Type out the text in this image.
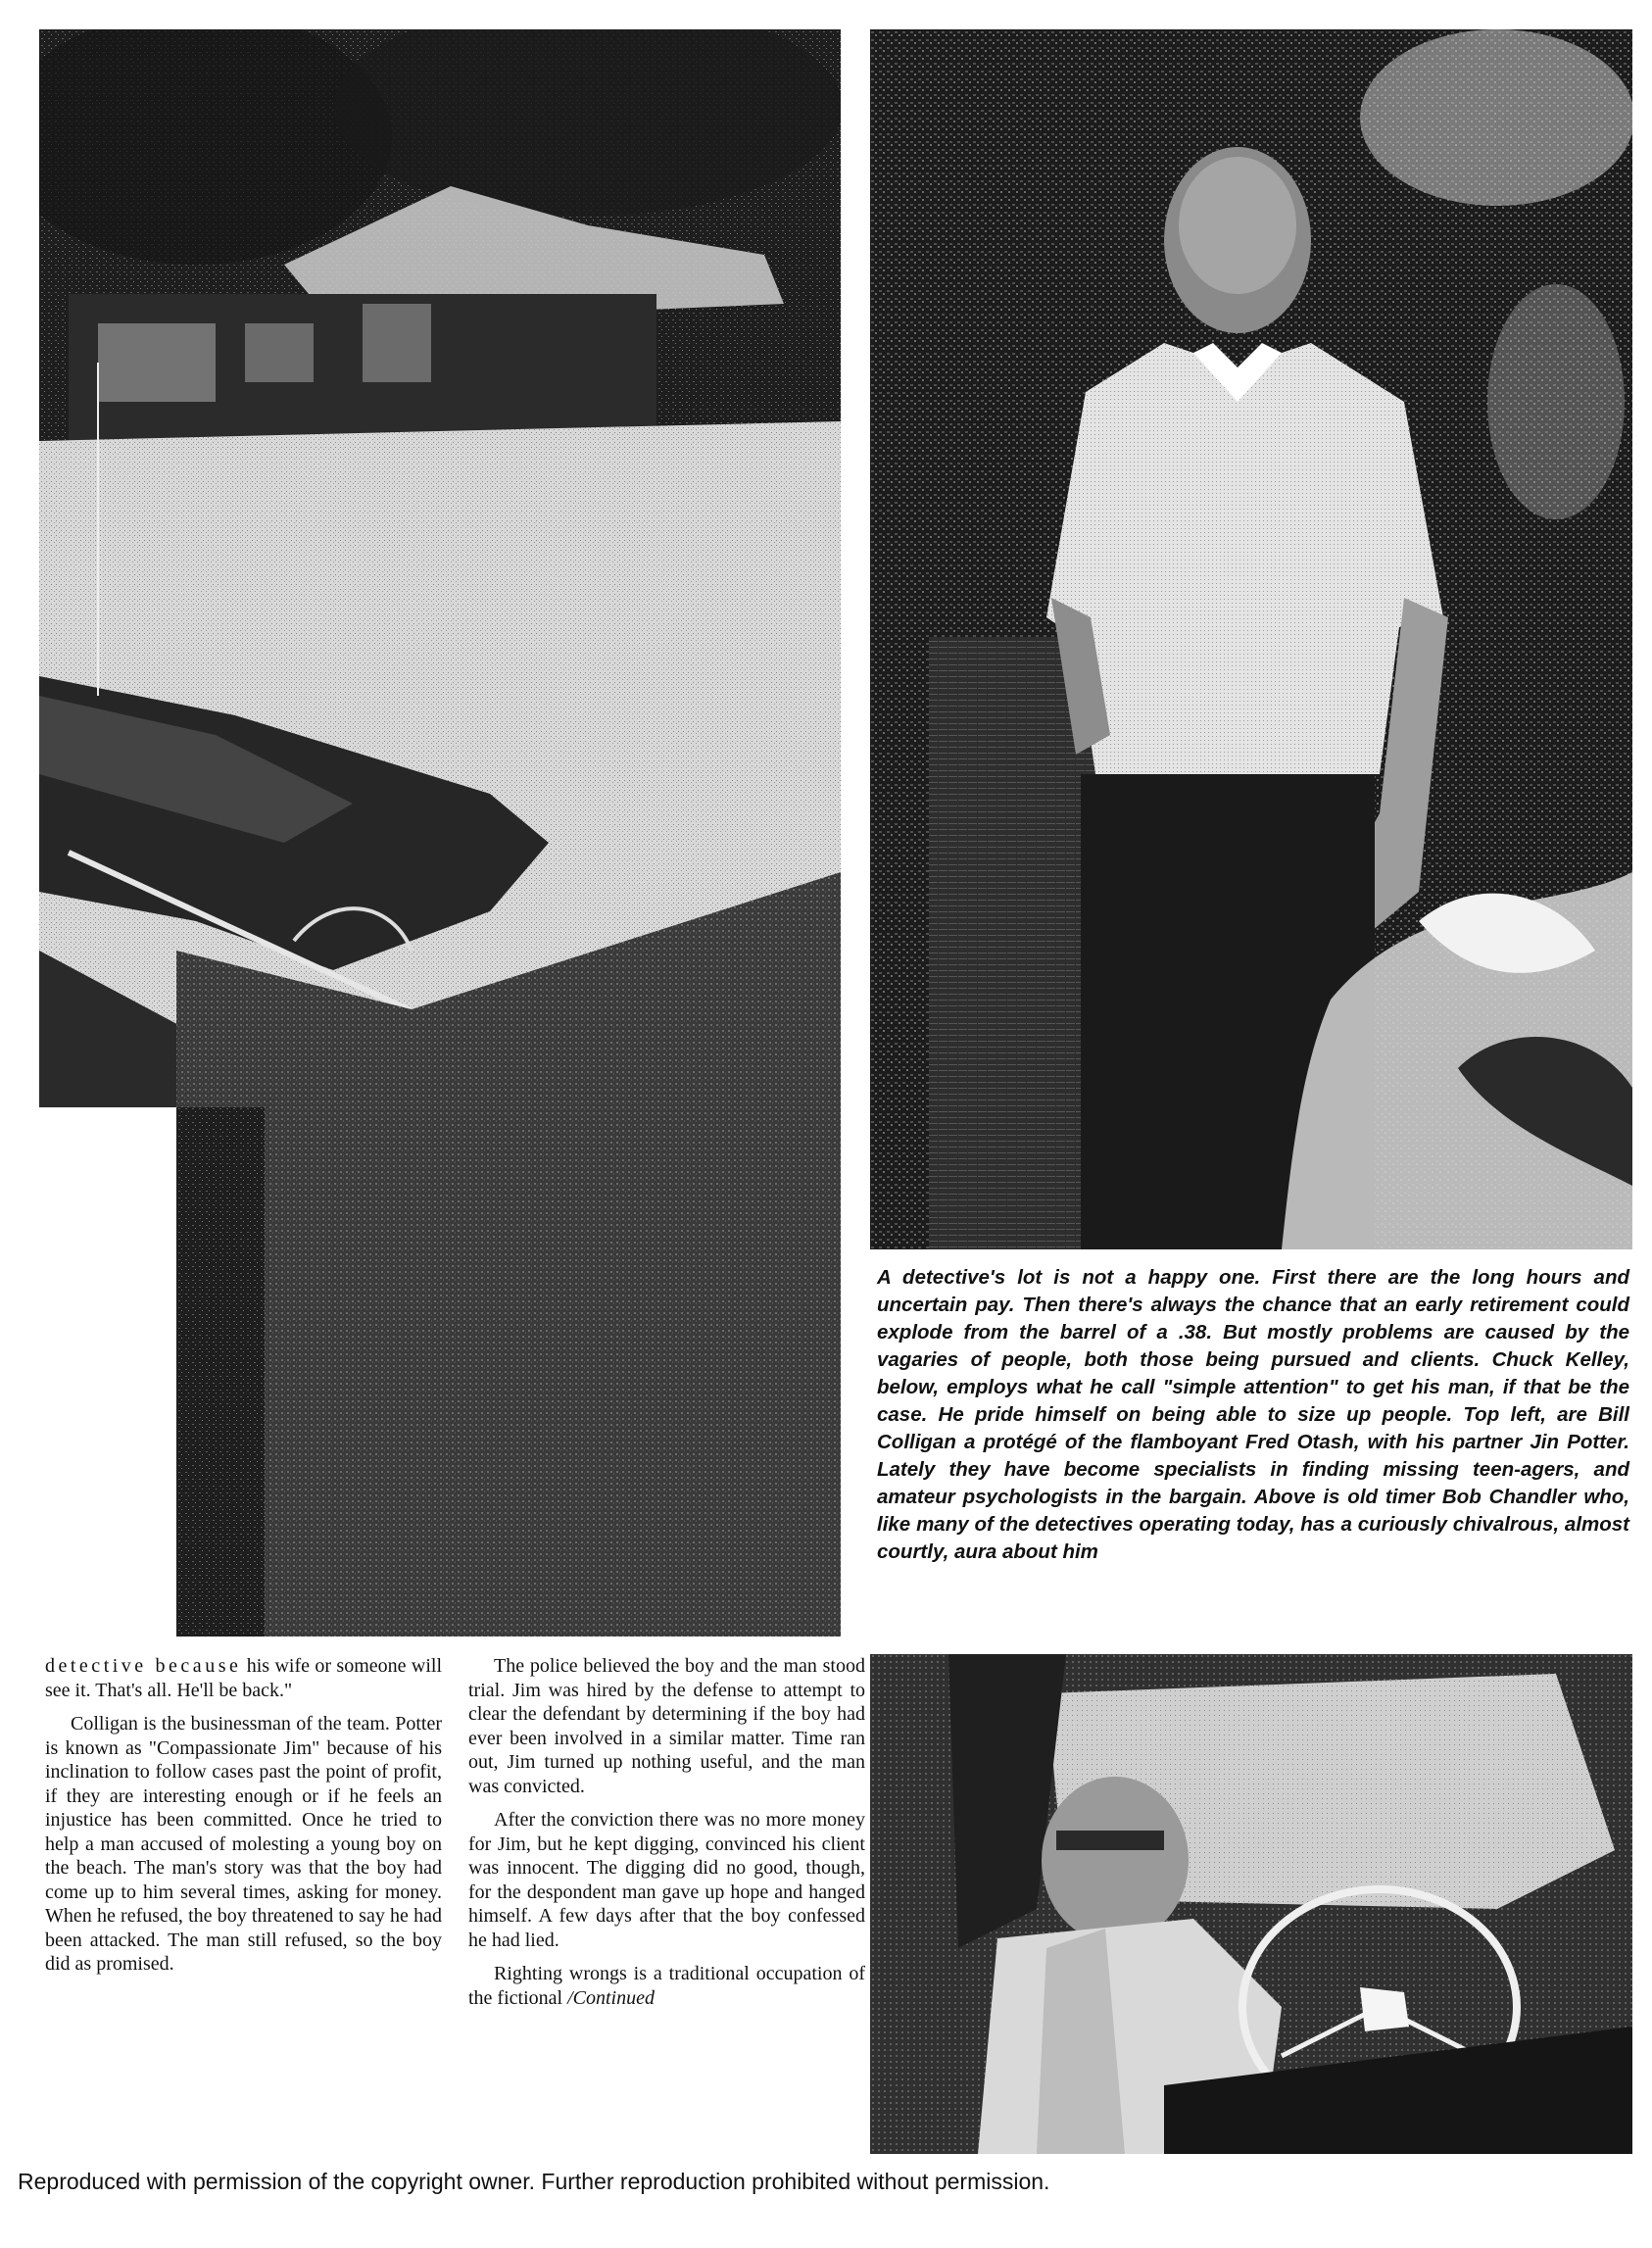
A detective's lot is not a happy one. First there are the long hours and uncertain pay. Then there's always the chance that an early retirement could explode from the barrel of a .38. But mostly problems are caused by the vagaries of people, both those being pursued and clients. Chuck Kelley, below, employs what he call "simple attention" to get his man, if that be the case. He pride himself on being able to size up people. Top left, are Bill Colligan a protégé of the flamboyant Fred Otash, with his partner Jin Potter. Lately they have become specialists in finding missing teen-agers, and amateur psychologists in the bargain. Above is old timer Bob Chandler who, like many of the detectives operating today, has a curiously chivalrous, almost courtly, aura about him

detective because his wife or someone will see it. That's all. He'll be back."

Colligan is the businessman of the team. Potter is known as "Compassionate Jim" because of his inclination to follow cases past the point of profit, if they are interesting enough or if he feels an injustice has been committed. Once he tried to help a man accused of molesting a young boy on the beach. The man's story was that the boy had come up to him several times, asking for money. When he refused, the boy threatened to say he had been attacked. The man still refused, so the boy did as promised.

The police believed the boy and the man stood trial. Jim was hired by the defense to attempt to clear the defendant by determining if the boy had ever been involved in a similar matter. Time ran out, Jim turned up nothing useful, and the man was convicted.

After the conviction there was no more money for Jim, but he kept digging, convinced his client was innocent. The digging did no good, though, for the despondent man gave up hope and hanged himself. A few days after that the boy confessed he had lied.

Righting wrongs is a traditional occupation of the fictional /Continued

Reproduced with permission of the copyright owner. Further reproduction prohibited without permission.
